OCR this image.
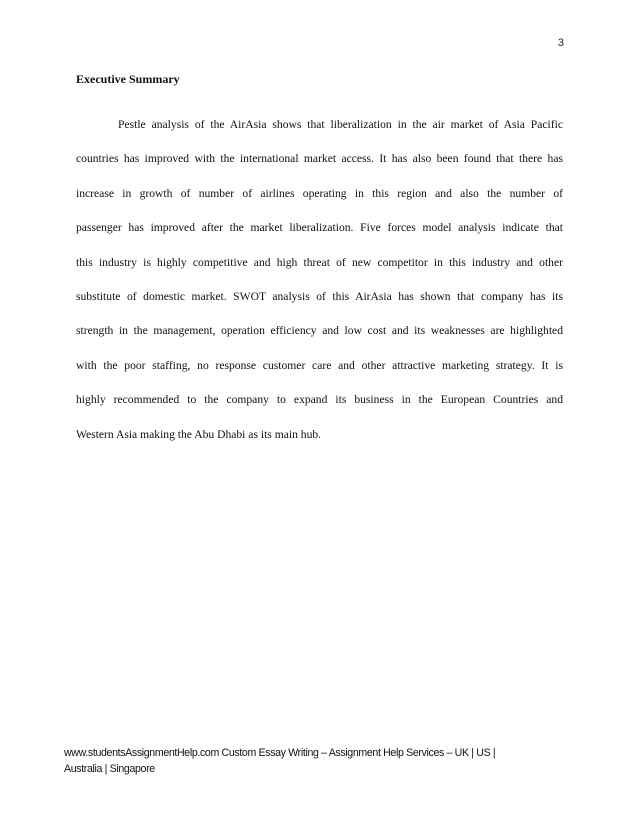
3
Executive Summary
Pestle analysis of the AirAsia shows that liberalization in the air market of Asia Pacific
countries has improved with the international market access. It has also been found that there has
increase in growth of number of airlines operating in this region and also the number of
passenger has improved after the market liberalization. Five forces model analysis indicate that
this industry is highly competitive and high threat of new competitor in this industry and other
substitute of domestic market. SWOT analysis of this AirAsia has shown that company has its
strength in the management, operation efficiency and low cost and its weaknesses are highlighted
with the poor staffing, no response customer care and other attractive marketing strategy. It is
highly recommended to the company to expand its business in the European Countries and
Western Asia making the Abu Dhabi as its main hub.
www.studentsAssignmentHelp.com Custom Essay Writing – Assignment Help Services – UK | US |
Australia | Singapore
